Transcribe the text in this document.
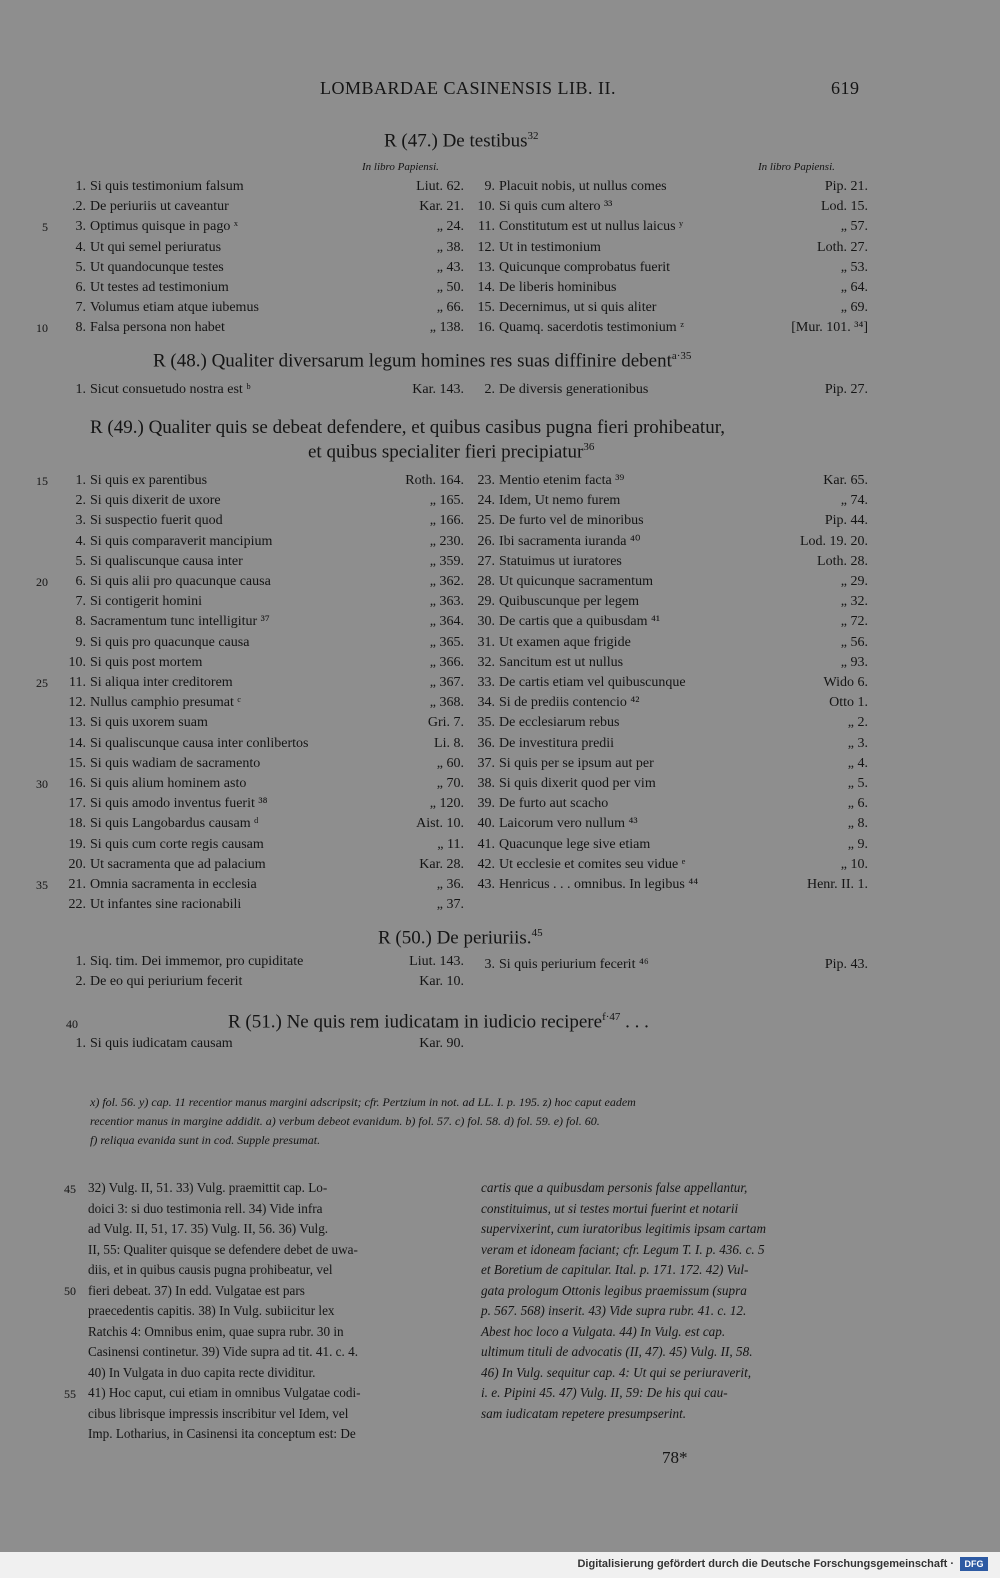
LOMBARDAE CASINENSIS LIB. II.	619
R (47.) De testibus$^{32}$
In libro Papiensi.	In libro Papiensi.
1. Si quis testimonium falsum	Liut. 62.
.2. De periuriis ut caveantur	Kar. 21.
5 3. Optimus quisque in pago ˣ	„ 24.
4. Ut qui semel periuratus	„ 38.
5. Ut quandocunque testes	„ 43.
6. Ut testes ad testimonium	„ 50.
7. Volumus etiam atque iubemus	„ 66.
10 8. Falsa persona non habet	„ 138.
9. Placuit nobis, ut nullus comes	Pip. 21.
10. Si quis cum altero ³³	Lod. 15.
11. Constitutum est ut nullus laicus ʸ	„ 57.
12. Ut in testimonium	Loth. 27.
13. Quicunque comprobatus fuerit	„ 53.
14. De liberis hominibus	„ 64.
15. Decernimus, ut si quis aliter	„ 69.
16. Quamq. sacerdotis testimonium ᶻ	[Mur. 101. ³⁴]
R (48.) Qualiter diversarum legum homines res suas diffinire debent$^{a\cdot 35}$
1. Sicut consuetudo nostra est ᵇ	Kar. 143.	2. De diversis generationibus	Pip. 27.
R (49.) Qualiter quis se debeat defendere, et quibus casibus pugna fieri prohibeatur,
et quibus specialiter fieri precipiatur$^{36}$
15 1. Si quis ex parentibus	Roth. 164.
2. Si quis dixerit de uxore	„ 165.
3. Si suspectio fuerit quod	„ 166.
4. Si quis comparaverit mancipium	„ 230.
5. Si qualiscunque causa inter	„ 359.
20 6. Si quis alii pro quacunque causa	„ 362.
7. Si contigerit homini	„ 363.
8. Sacramentum tunc intelligitur ³⁷	„ 364.
9. Si quis pro quacunque causa	„ 365.
10. Si quis post mortem	„ 366.
25 11. Si aliqua inter creditorem	„ 367.
12. Nullus camphio presumat ᶜ	„ 368.
13. Si quis uxorem suam	Gri. 7.
14. Si qualiscunque causa inter conlibertos	Li. 8.
15. Si quis wadiam de sacramento	„ 60.
30 16. Si quis alium hominem asto	„ 70.
17. Si quis amodo inventus fuerit ³⁸	„ 120.
18. Si quis Langobardus causam ᵈ	Aist. 10.
19. Si quis cum corte regis causam	„ 11.
20. Ut sacramenta que ad palacium	Kar. 28.
35 21. Omnia sacramenta in ecclesia	„ 36.
22. Ut infantes sine racionabili	„ 37.
23. Mentio etenim facta ³⁹	Kar. 65.
24. Idem, Ut nemo furem	„ 74.
25. De furto vel de minoribus	Pip. 44.
26. Ibi sacramenta iuranda ⁴⁰	Lod. 19. 20.
27. Statuimus ut iuratores	Loth. 28.
28. Ut quicunque sacramentum	„ 29.
29. Quibuscunque per legem	„ 32.
30. De cartis que a quibusdam ⁴¹	„ 72.
31. Ut examen aque frigide	„ 56.
32. Sancitum est ut nullus	„ 93.
33. De cartis etiam vel quibuscunque	Wido 6.
34. Si de prediis contencio ⁴²	Otto 1.
35. De ecclesiarum rebus	„ 2.
36. De investitura predii	„ 3.
37. Si quis per se ipsum aut per	„ 4.
38. Si quis dixerit quod per vim	„ 5.
39. De furto aut scacho	„ 6.
40. Laicorum vero nullum ⁴³	„ 8.
41. Quacunque lege sive etiam	„ 9.
42. Ut ecclesie et comites seu vidue ᵉ	„ 10.
43. Henricus . . . omnibus. In legibus ⁴⁴	Henr. II. 1.
R (50.) De periuriis.$^{45}$
1. Siq. tim. Dei immemor, pro cupiditate	Liut. 143.
2. De eo qui periurium fecerit	Kar. 10.
3. Si quis periurium fecerit ⁴⁶	Pip. 43.
40	R (51.) Ne quis rem iudicatam in iudicio recipere$^{f\cdot 47}$ . . .
1. Si quis iudicatam causam	Kar. 90.
x) fol. 56. y) cap. 11 recentior manus margini adscripsit; cfr. Pertzium in not. ad LL. I. p. 195. z) hoc caput eadem
recentior manus in margine addidit. a) verbum debeot evanidum. b) fol. 57. c) fol. 58. d) fol. 59. e) fol. 60.
f) reliqua evanida sunt in cod. Supple presumat.
32) Vulg. II, 51. 33) Vulg. praemittit cap. Lo-
doici 3: si duo testimonia rell. 34) Vide infra
ad Vulg. II, 51, 17. 35) Vulg. II, 56. 36) Vulg.
II, 55: Qualiter quisque se defendere debet de uwa-
diis, et in quibus causis pugna prohibeatur, vel
fieri debeat. 37) In edd. Vulgatae est pars
praecedentis capitis. 38) In Vulg. subiicitur lex
Ratchis 4: Omnibus enim, quae supra rubr. 30 in
Casinensi continetur. 39) Vide supra ad tit. 41. c. 4.
40) In Vulgata in duo capita recte dividitur.
41) Hoc caput, cui etiam in omnibus Vulgatae codi-
cibus librisque impressis inscribitur vel Idem, vel
Imp. Lotharius, in Casinensi ita conceptum est: De
cartis que a quibusdam personis false appellantur,
constituimus, ut si testes mortui fuerint et notarii
supervixerint, cum iuratoribus legitimis ipsam cartam
veram et idoneam faciant; cfr. Legum T. I. p. 436. c. 5
et Boretium de capitular. Ital. p. 171. 172. 42) Vul-
gata prologum Ottonis legibus praemissum (supra
p. 567. 568) inserit. 43) Vide supra rubr. 41. c. 12.
Abest hoc loco a Vulgata. 44) In Vulg. est cap.
ultimum tituli de advocatis (II, 47). 45) Vulg. II, 58.
46) In Vulg. sequitur cap. 4: Ut qui se periuraverit,
i. e. Pipini 45. 47) Vulg. II, 59: De his qui cau-
sam iudicatam repetere presumpserint.
45
50
55
78*
Digitalisierung gefördert durch die Deutsche Forschungsgemeinschaft ·	DFG
